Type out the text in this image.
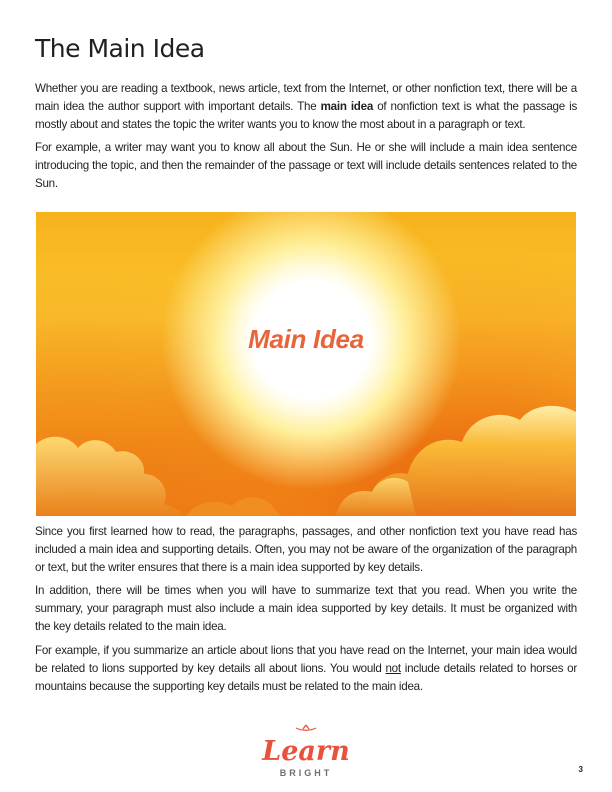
The Main Idea

Whether you are reading a textbook, news article, text from the Internet, or other nonfiction text, there will be a main idea the author support with important details. The main idea of nonfiction text is what the passage is mostly about and states the topic the writer wants you to know the most about in a paragraph or text.

For example, a writer may want you to know all about the Sun. He or she will include a main idea sentence introducing the topic, and then the remainder of the passage or text will include details sentences related to the Sun.

Main Idea

Since you first learned how to read, the paragraphs, passages, and other nonfiction text you have read has included a main idea and supporting details. Often, you may not be aware of the organization of the paragraph or text, but the writer ensures that there is a main idea supported by key details.

In addition, there will be times when you will have to summarize text that you read. When you write the summary, your paragraph must also include a main idea supported by key details. It must be organized with the key details related to the main idea.

For example, if you summarize an article about lions that you have read on the Internet, your main idea would be related to lions supported by key details all about lions. You would not include details related to horses or mountains because the supporting key details must be related to the main idea.

Learn
BRIGHT	3
